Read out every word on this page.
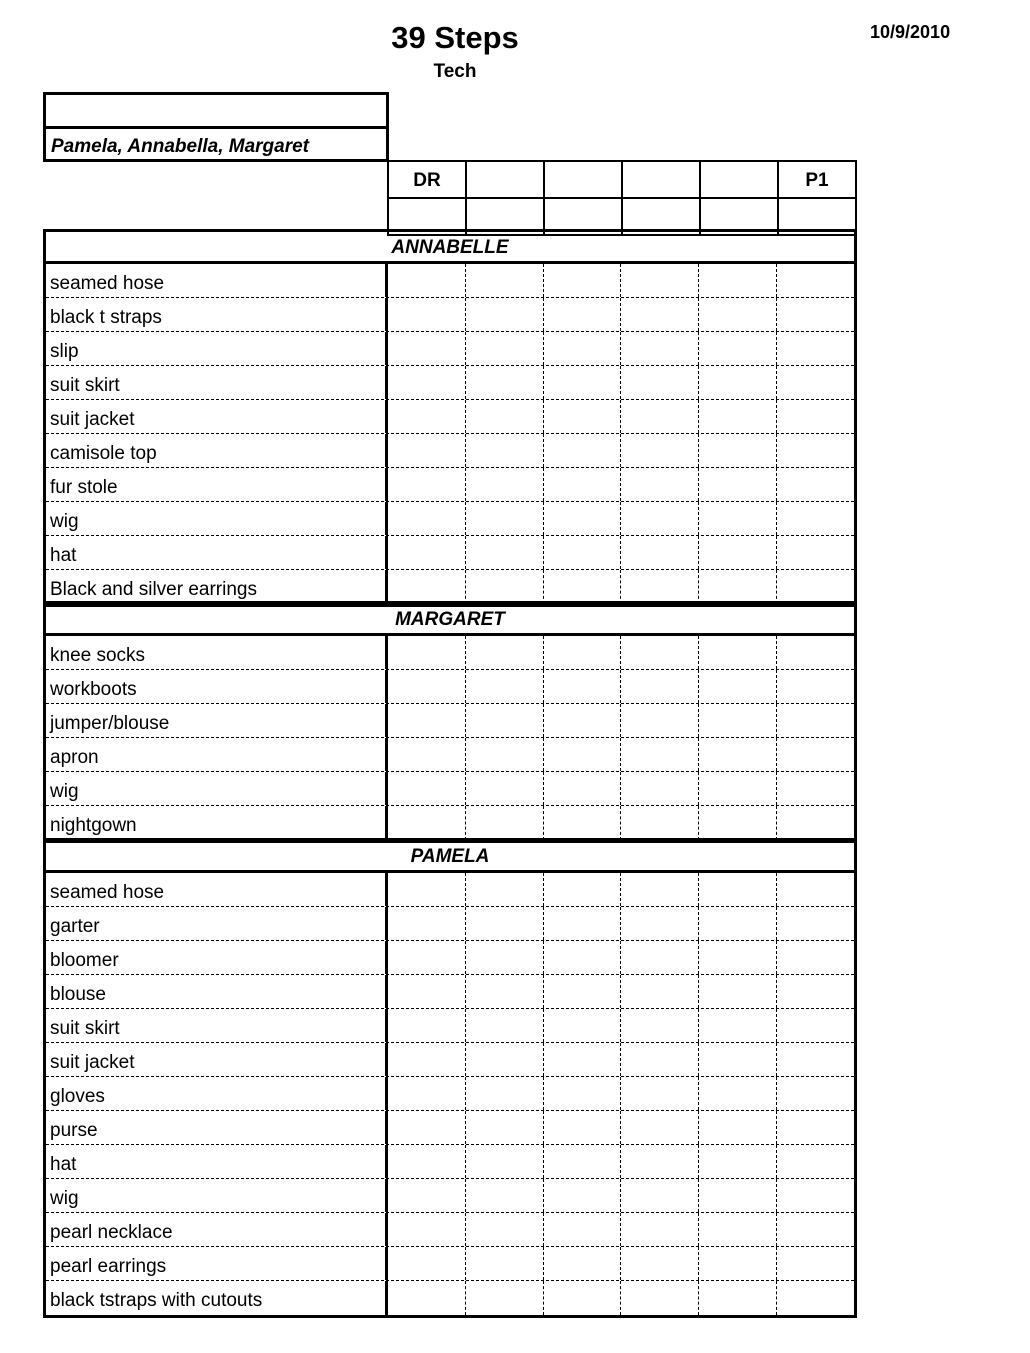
39 Steps
Tech
10/9/2010
Pamela, Annabella, Margaret
DR	P1
ANNABELLE
seamed hose
black t straps
slip
suit skirt
suit jacket
camisole top
fur stole
wig
hat
Black and silver earrings
MARGARET
knee socks
workboots
jumper/blouse
apron
wig
nightgown
PAMELA
seamed hose
garter
bloomer
blouse
suit skirt
suit jacket
gloves
purse
hat
wig
pearl necklace
pearl earrings
black tstraps with cutouts
